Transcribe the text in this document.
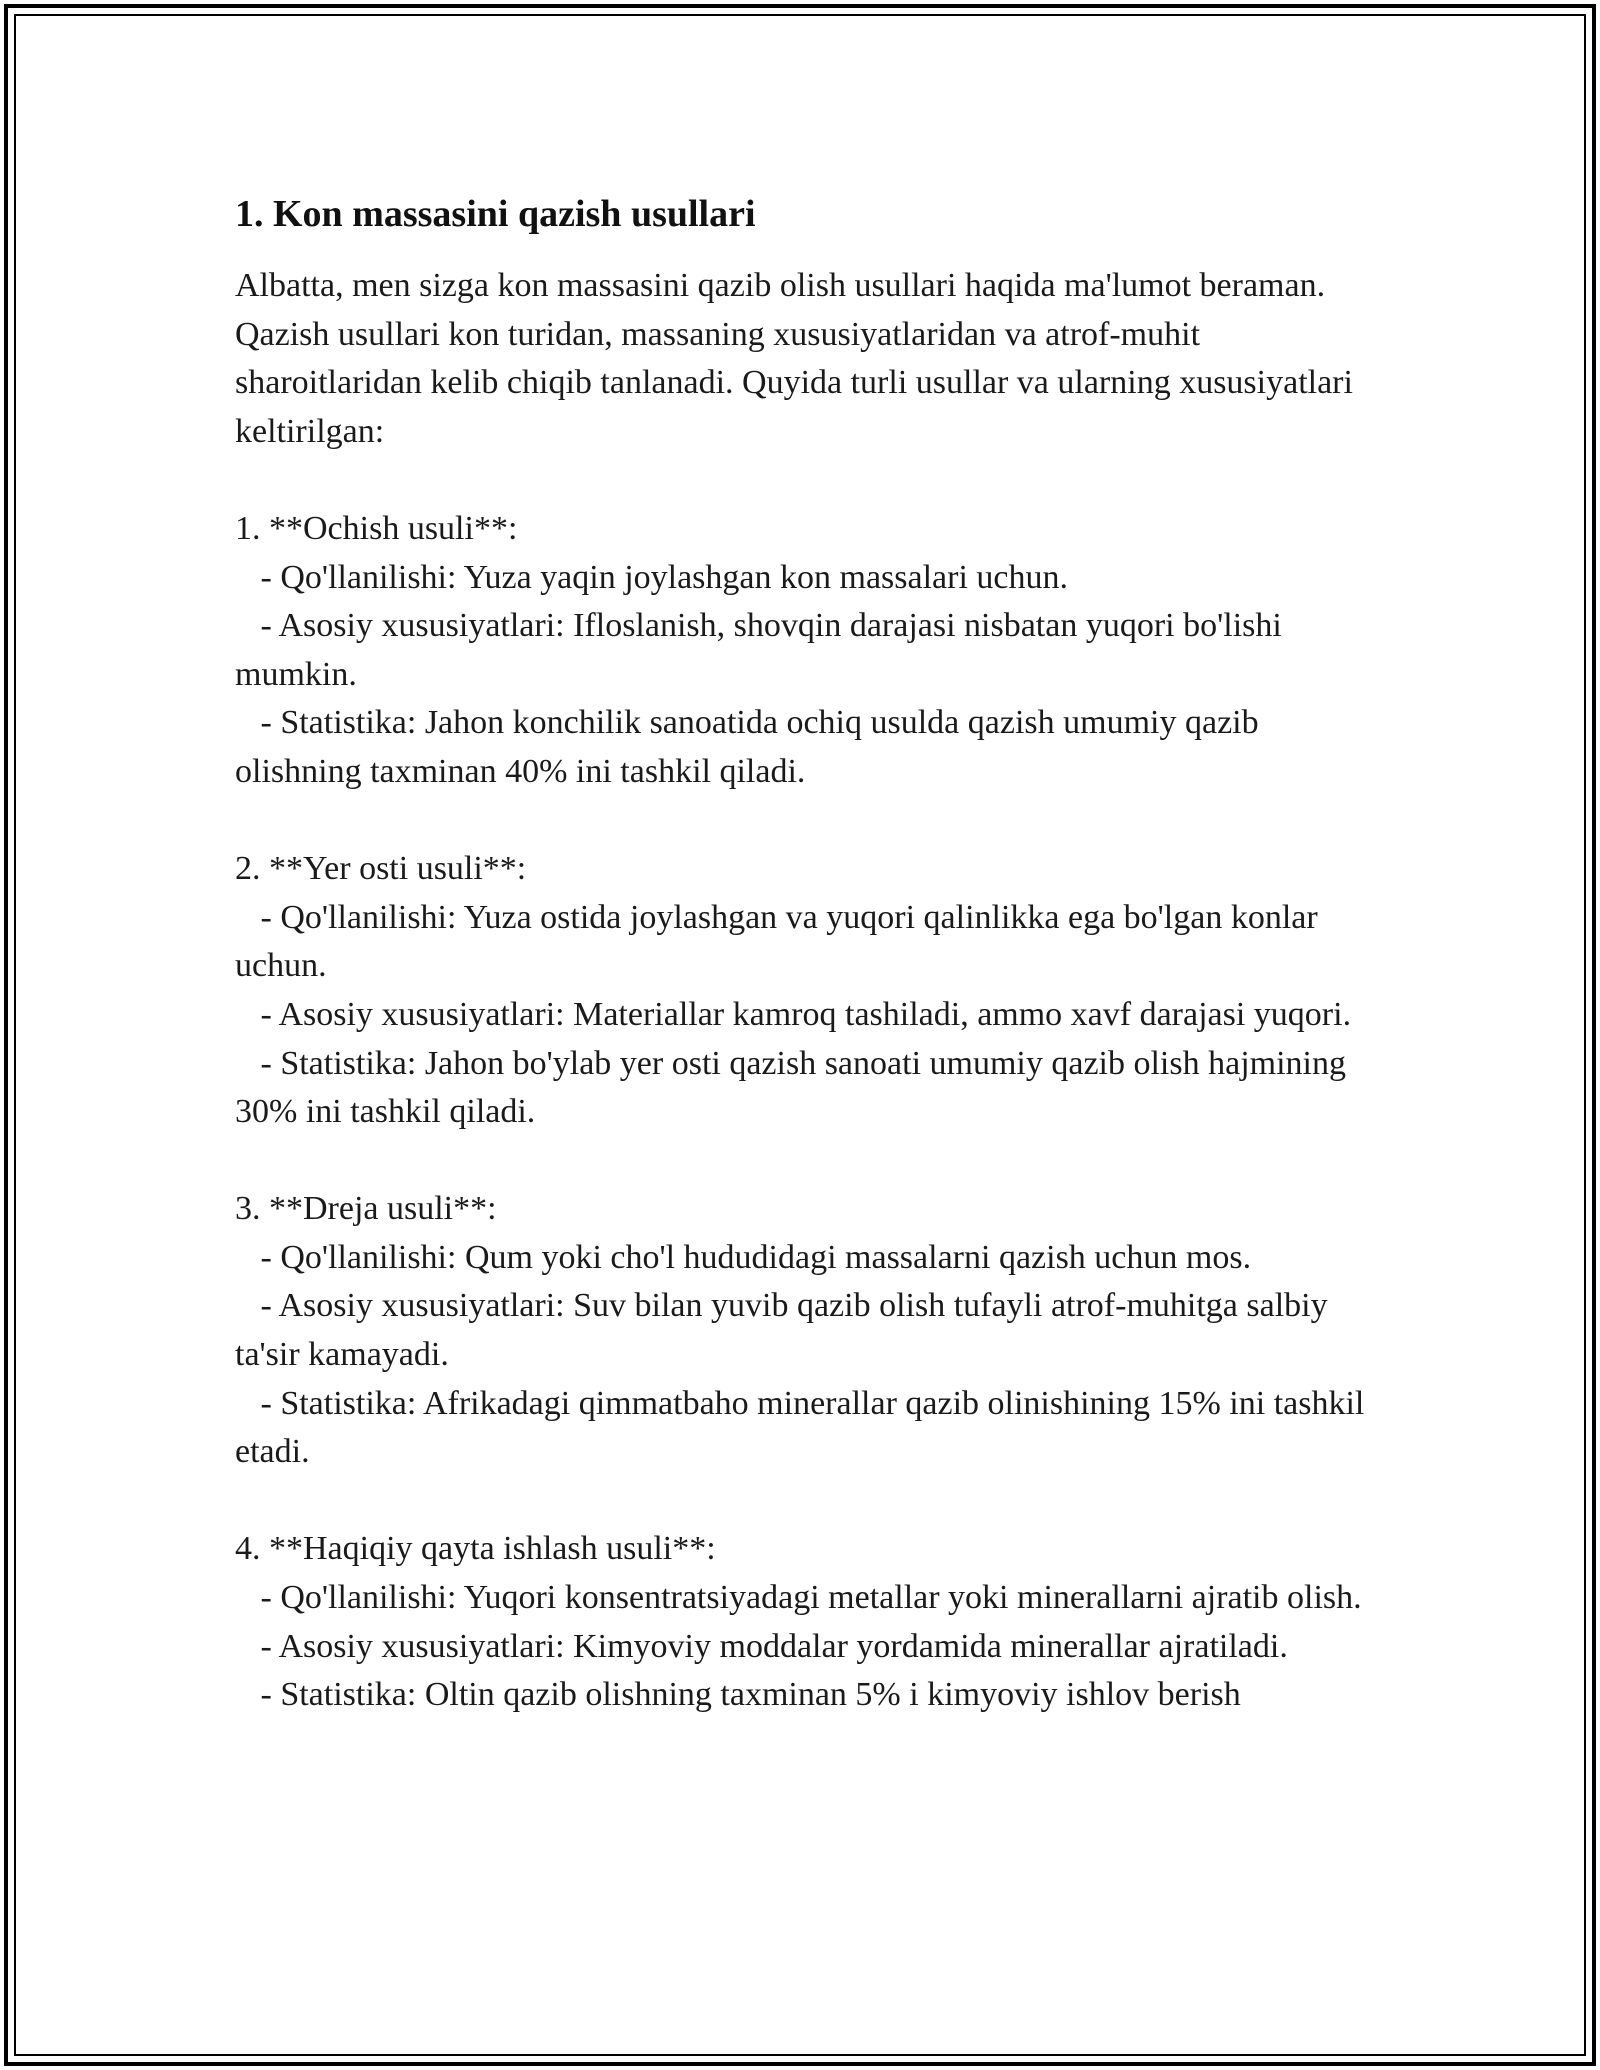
1. Kon massasini qazish usullari

Albatta, men sizga kon massasini qazib olish usullari haqida ma'lumot beraman. Qazish usullari kon turidan, massaning xususiyatlaridan va atrof-muhit sharoitlaridan kelib chiqib tanlanadi. Quyida turli usullar va ularning xususiyatlari keltirilgan:

1. **Ochish usuli**:
- Qo'llanilishi: Yuza yaqin joylashgan kon massalari uchun.
- Asosiy xususiyatlari: Ifloslanish, shovqin darajasi nisbatan yuqori bo'lishi mumkin.
- Statistika: Jahon konchilik sanoatida ochiq usulda qazish umumiy qazib olishning taxminan 40% ini tashkil qiladi.

2. **Yer osti usuli**:
- Qo'llanilishi: Yuza ostida joylashgan va yuqori qalinlikka ega bo'lgan konlar uchun.
- Asosiy xususiyatlari: Materiallar kamroq tashiladi, ammo xavf darajasi yuqori.
- Statistika: Jahon bo'ylab yer osti qazish sanoati umumiy qazib olish hajmining 30% ini tashkil qiladi.

3. **Dreja usuli**:
- Qo'llanilishi: Qum yoki cho'l hududidagi massalarni qazish uchun mos.
- Asosiy xususiyatlari: Suv bilan yuvib qazib olish tufayli atrof-muhitga salbiy ta'sir kamayadi.
- Statistika: Afrikadagi qimmatbaho minerallar qazib olinishining 15% ini tashkil etadi.

4. **Haqiqiy qayta ishlash usuli**:
- Qo'llanilishi: Yuqori konsentratsiyadagi metallar yoki minerallarni ajratib olish.
- Asosiy xususiyatlari: Kimyoviy moddalar yordamida minerallar ajratiladi.
- Statistika: Oltin qazib olishning taxminan 5% i kimyoviy ishlov berish
